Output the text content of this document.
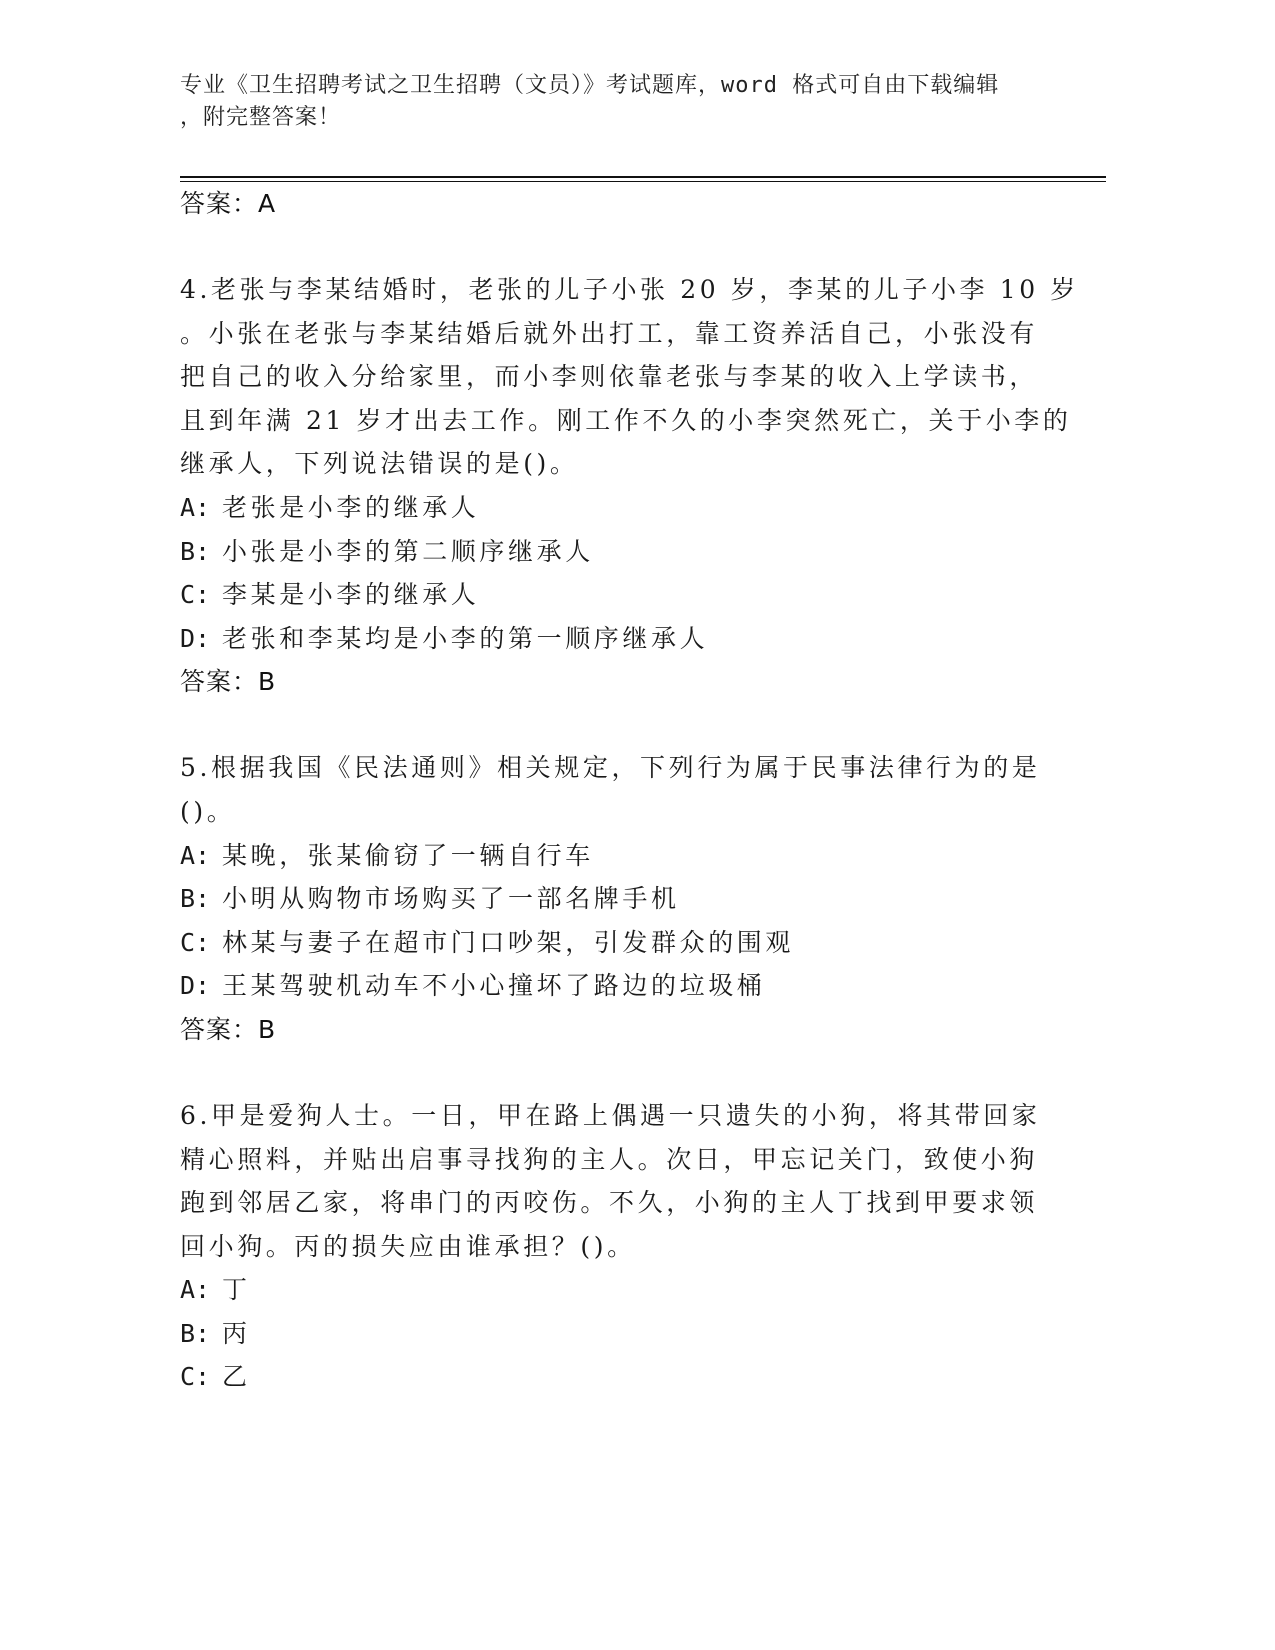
专业《卫生招聘考试之卫生招聘（文员）》考试题库，word 格式可自由下载编辑
，附完整答案！
答案：A
4.老张与李某结婚时，老张的儿子小张 20 岁，李某的儿子小李 10 岁
。小张在老张与李某结婚后就外出打工，靠工资养活自己，小张没有
把自己的收入分给家里，而小李则依靠老张与李某的收入上学读书，
且到年满 21 岁才出去工作。刚工作不久的小李突然死亡，关于小李的
继承人，下列说法错误的是()。
A: 老张是小李的继承人
B: 小张是小李的第二顺序继承人
C: 李某是小李的继承人
D: 老张和李某均是小李的第一顺序继承人
答案：B
5.根据我国《民法通则》相关规定，下列行为属于民事法律行为的是
()。
A: 某晚，张某偷窃了一辆自行车
B: 小明从购物市场购买了一部名牌手机
C: 林某与妻子在超市门口吵架，引发群众的围观
D: 王某驾驶机动车不小心撞坏了路边的垃圾桶
答案：B
6.甲是爱狗人士。一日，甲在路上偶遇一只遗失的小狗，将其带回家
精心照料，并贴出启事寻找狗的主人。次日，甲忘记关门，致使小狗
跑到邻居乙家，将串门的丙咬伤。不久，小狗的主人丁找到甲要求领
回小狗。丙的损失应由谁承担？()。
A: 丁
B: 丙
C: 乙
